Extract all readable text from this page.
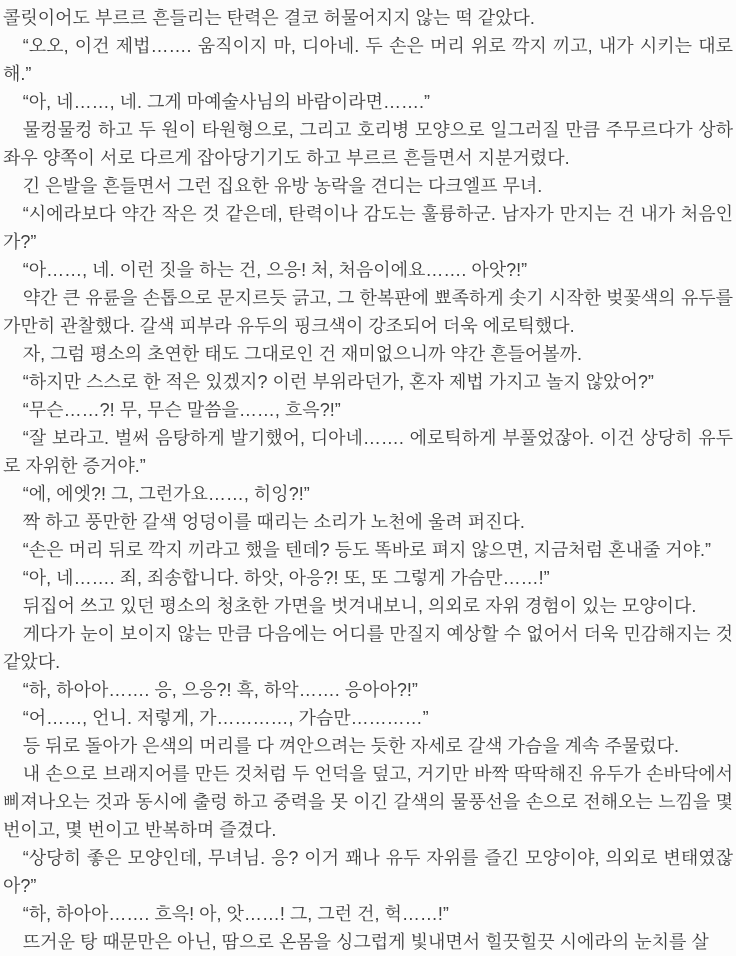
콜릿이어도 부르르 흔들리는 탄력은 결코 허물어지지 않는 떡 같았다.

“오오, 이건 제법……. 움직이지 마, 디아네. 두 손은 머리 위로 깍지 끼고, 내가 시키는 대로 해.”

“아, 네……, 네. 그게 마예술사님의 바람이라면…….”

물컹물컹 하고 두 원이 타원형으로, 그리고 호리병 모양으로 일그러질 만큼 주무르다가 상하좌우 양쪽이 서로 다르게 잡아당기기도 하고 부르르 흔들면서 지분거렸다.

긴 은발을 흔들면서 그런 집요한 유방 농락을 견디는 다크엘프 무녀.

“시에라보다 약간 작은 것 같은데, 탄력이나 감도는 훌륭하군. 남자가 만지는 건 내가 처음인가?”

“아……, 네. 이런 짓을 하는 건, 으응! 처, 처음이에요……. 아앗?!”

약간 큰 유륜을 손톱으로 문지르듯 긁고, 그 한복판에 뾰족하게 솟기 시작한 벚꽃색의 유두를 가만히 관찰했다. 갈색 피부라 유두의 핑크색이 강조되어 더욱 에로틱했다.

자, 그럼 평소의 초연한 태도 그대로인 건 재미없으니까 약간 흔들어볼까.

“하지만 스스로 한 적은 있겠지? 이런 부위라던가, 혼자 제법 가지고 놀지 않았어?”

“무슨……?! 무, 무슨 말씀을……, 흐윽?!”

“잘 보라고. 벌써 음탕하게 발기했어, 디아네……. 에로틱하게 부풀었잖아. 이건 상당히 유두로 자위한 증거야.”

“에, 에엣?! 그, 그런가요……, 히잉?!”

짝 하고 풍만한 갈색 엉덩이를 때리는 소리가 노천에 울려 퍼진다.

“손은 머리 뒤로 깍지 끼라고 했을 텐데? 등도 똑바로 펴지 않으면, 지금처럼 혼내줄 거야.”

“아, 네……. 죄, 죄송합니다. 하앗, 아응?! 또, 또 그렇게 가슴만……!”

뒤집어 쓰고 있던 평소의 청초한 가면을 벗겨내보니, 의외로 자위 경험이 있는 모양이다.

게다가 눈이 보이지 않는 만큼 다음에는 어디를 만질지 예상할 수 없어서 더욱 민감해지는 것 같았다.

“하, 하아아……. 응, 으응?! 흑, 하악……. 응아아?!”

“어……, 언니. 저렇게, 가…………, 가슴만…………”

등 뒤로 돌아가 은색의 머리를 다 껴안으려는 듯한 자세로 갈색 가슴을 계속 주물렀다.

내 손으로 브래지어를 만든 것처럼 두 언덕을 덮고, 거기만 바짝 딱딱해진 유두가 손바닥에서 삐져나오는 것과 동시에 출렁 하고 중력을 못 이긴 갈색의 물풍선을 손으로 전해오는 느낌을 몇 번이고, 몇 번이고 반복하며 즐겼다.

“상당히 좋은 모양인데, 무녀님. 응? 이거 꽤나 유두 자위를 즐긴 모양이야, 의외로 변태였잖아?”

“하, 하아아……. 흐윽! 아, 앗……! 그, 그런 건, 헉……!”

뜨거운 탕 때문만은 아닌, 땀으로 온몸을 싱그럽게 빛내면서 힐끗힐끗 시에라의 눈치를 살
